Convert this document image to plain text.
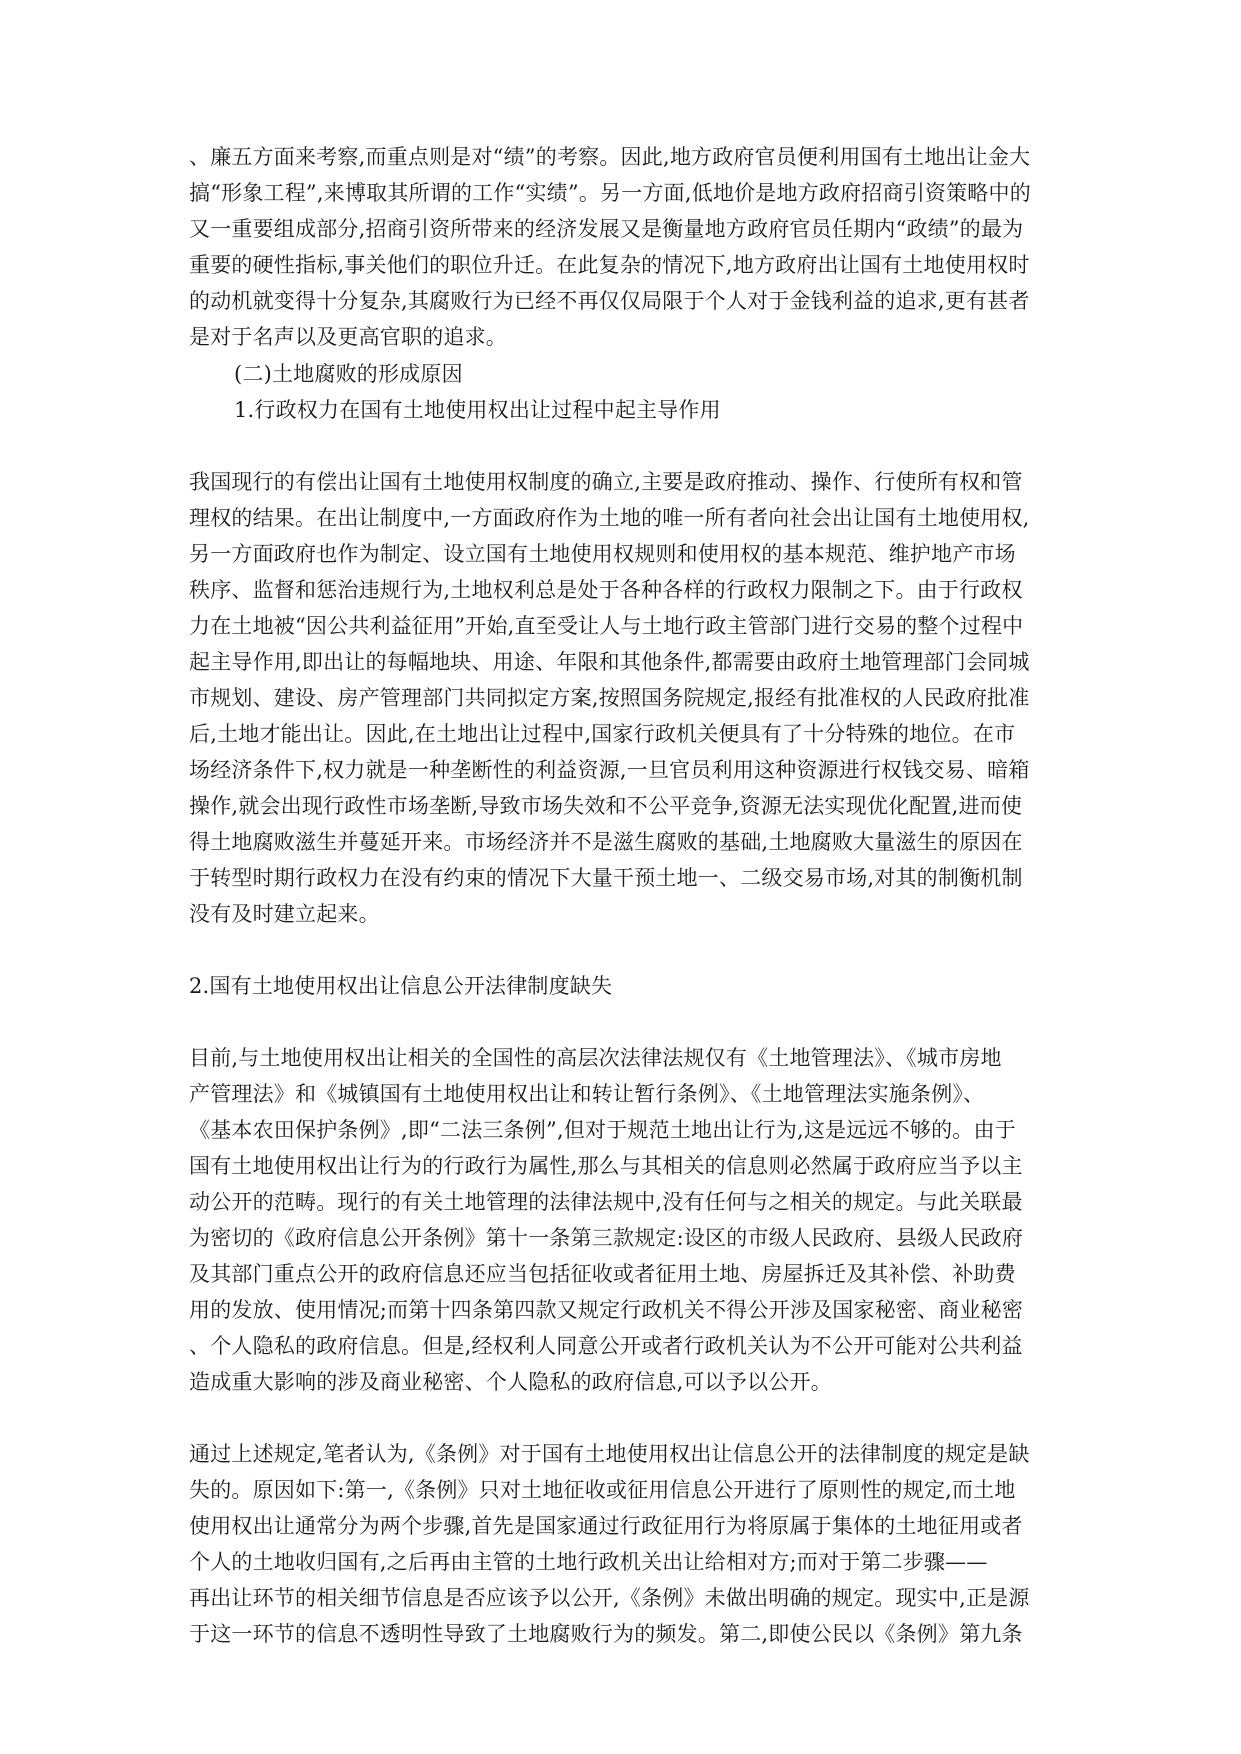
、廉五方面来考察,而重点则是对“绩”的考察。因此,地方政府官员便利用国有土地出让金大
搞“形象工程”,来博取其所谓的工作“实绩”。另一方面,低地价是地方政府招商引资策略中的
又一重要组成部分,招商引资所带来的经济发展又是衡量地方政府官员任期内“政绩”的最为
重要的硬性指标,事关他们的职位升迁。在此复杂的情况下,地方政府出让国有土地使用权时
的动机就变得十分复杂,其腐败行为已经不再仅仅局限于个人对于金钱利益的追求,更有甚者
是对于名声以及更高官职的追求。
(二)土地腐败的形成原因
1.行政权力在国有土地使用权出让过程中起主导作用
我国现行的有偿出让国有土地使用权制度的确立,主要是政府推动、操作、行使所有权和管
理权的结果。在出让制度中,一方面政府作为土地的唯一所有者向社会出让国有土地使用权,
另一方面政府也作为制定、设立国有土地使用权规则和使用权的基本规范、维护地产市场
秩序、监督和惩治违规行为,土地权利总是处于各种各样的行政权力限制之下。由于行政权
力在土地被“因公共利益征用”开始,直至受让人与土地行政主管部门进行交易的整个过程中
起主导作用,即出让的每幅地块、用途、年限和其他条件,都需要由政府土地管理部门会同城
市规划、建设、房产管理部门共同拟定方案,按照国务院规定,报经有批准权的人民政府批准
后,土地才能出让。因此,在土地出让过程中,国家行政机关便具有了十分特殊的地位。在市
场经济条件下,权力就是一种垄断性的利益资源,一旦官员利用这种资源进行权钱交易、暗箱
操作,就会出现行政性市场垄断,导致市场失效和不公平竞争,资源无法实现优化配置,进而使
得土地腐败滋生并蔓延开来。市场经济并不是滋生腐败的基础,土地腐败大量滋生的原因在
于转型时期行政权力在没有约束的情况下大量干预土地一、二级交易市场,对其的制衡机制
没有及时建立起来。
2.国有土地使用权出让信息公开法律制度缺失
目前,与土地使用权出让相关的全国性的高层次法律法规仅有《土地管理法》、《城市房地
产管理法》和《城镇国有土地使用权出让和转让暂行条例》、《土地管理法实施条例》、
《基本农田保护条例》,即“二法三条例”,但对于规范土地出让行为,这是远远不够的。由于
国有土地使用权出让行为的行政行为属性,那么与其相关的信息则必然属于政府应当予以主
动公开的范畴。现行的有关土地管理的法律法规中,没有任何与之相关的规定。与此关联最
为密切的《政府信息公开条例》第十一条第三款规定:设区的市级人民政府、县级人民政府
及其部门重点公开的政府信息还应当包括征收或者征用土地、房屋拆迁及其补偿、补助费
用的发放、使用情况;而第十四条第四款又规定行政机关不得公开涉及国家秘密、商业秘密
、个人隐私的政府信息。但是,经权利人同意公开或者行政机关认为不公开可能对公共利益
造成重大影响的涉及商业秘密、个人隐私的政府信息,可以予以公开。
通过上述规定,笔者认为,《条例》对于国有土地使用权出让信息公开的法律制度的规定是缺
失的。原因如下:第一,《条例》只对土地征收或征用信息公开进行了原则性的规定,而土地
使用权出让通常分为两个步骤,首先是国家通过行政征用行为将原属于集体的土地征用或者
个人的土地收归国有,之后再由主管的土地行政机关出让给相对方;而对于第二步骤——
再出让环节的相关细节信息是否应该予以公开,《条例》未做出明确的规定。现实中,正是源
于这一环节的信息不透明性导致了土地腐败行为的频发。第二,即使公民以《条例》第九条
